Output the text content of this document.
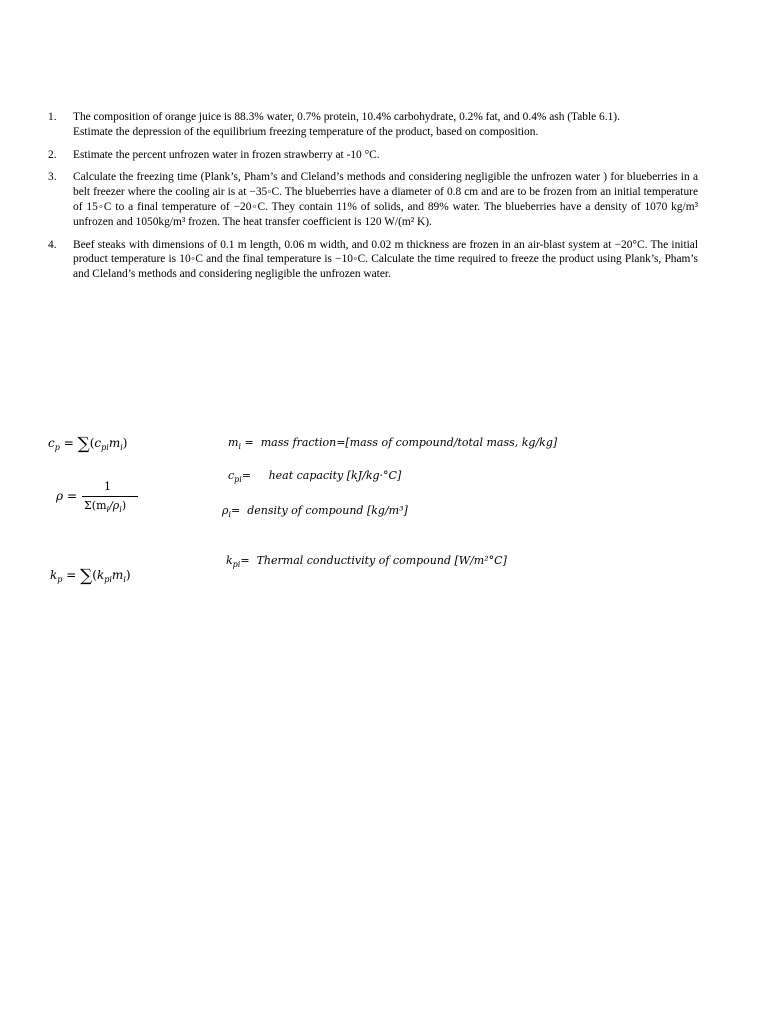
1.	The composition of orange juice is 88.3% water, 0.7% protein, 10.4% carbohydrate, 0.2% fat, and 0.4% ash (Table 6.1).

Estimate the depression of the equilibrium freezing temperature of the product, based on composition.

2.	Estimate the percent unfrozen water in frozen strawberry at -10 °C.

3.	Calculate the freezing time (Plank’s, Pham’s and Cleland’s methods and considering negligible the unfrozen water ) for blueberries in a belt freezer where the cooling air is at −35◦C. The blueberries have a diameter of 0.8 cm and are to be frozen from an initial temperature of 15◦C to a final temperature of −20◦C. They contain 11% of solids, and 89% water. The blueberries have a density of 1070 kg/m³ unfrozen and 1050kg/m³ frozen. The heat transfer coefficient is 120 W/(m² K).

4.	Beef steaks with dimensions of 0.1 m length, 0.06 m width, and 0.02 m thickness are frozen in an air-blast system at −20°C. The initial product temperature is 10◦C and the final temperature is −10◦C. Calculate the time required to freeze the product using Plank’s, Pham’s and Cleland’s methods and considering negligible the unfrozen water.

$c_p = \sum(c_{pi}m_i)$
ρ =
1
$\Sigma(m_i/\rho_i)$
$k_p = \sum(k_{pi}m_i)$
$m_i$ = mass fraction=[mass of compound/total mass, kg/kg]
$c_{pi}=$ heat capacity [kJ/kg·°C]
$\rho_i=$ density of compound [kg/m³]
$k_{pi}=$ Thermal conductivity of compound [W/m²°C]
